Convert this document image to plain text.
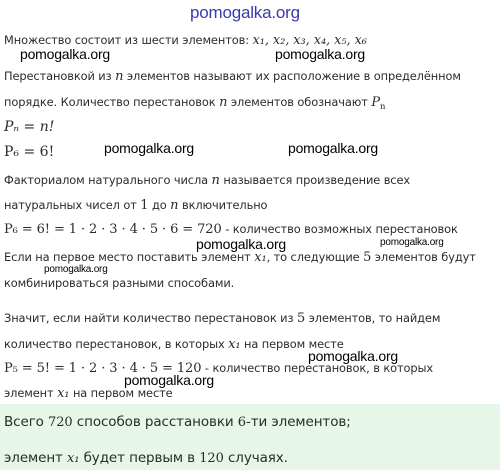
pomogalka.org
Множество состоит из шести элементов: x₁, x₂, x₃, x₄, x₅, x₆
pomogalka.org	pomogalka.org
Перестановкой из n элементов называют их расположение в определённом
порядке. Количество перестановок n элементов обозначают $P_n$
Pₙ = n!
P₆ = 6!	pomogalka.org	pomogalka.org
Факториалом натурального числа n называется произведение всех
натуральных чисел от 1 до n включительно
P₆ = 6! = 1 · 2 · 3 · 4 · 5 · 6 = 720 - количество возможных перестановок
pomogalka.org	pomogalka.org
Если на первое место поставить элемент x₁, то следующие 5 элементов будут
pomogalka.org
комбинироваться разными способами.
Значит, если найти количество перестановок из 5 элементов, то найдем
количество перестановок, в которых x₁ на первом месте
pomogalka.org
P₅ = 5! = 1 · 2 · 3 · 4 · 5 = 120 - количество перестановок, в которых
pomogalka.org
элемент x₁ на первом месте
Всего 720 способов расстановки 6-ти элементов;
элемент x₁ будет первым в 120 случаях.
